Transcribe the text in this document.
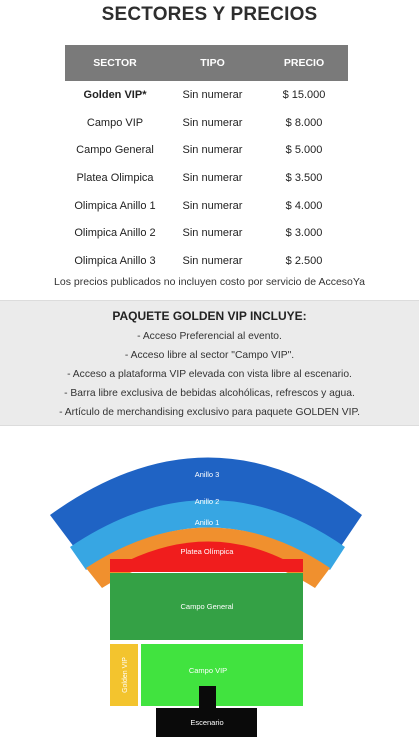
SECTORES Y PRECIOS
SECTOR	TIPO	PRECIO
Golden VIP*	Sin numerar	$ 15.000
Campo VIP	Sin numerar	$ 8.000
Campo General	Sin numerar	$ 5.000
Platea Olimpica	Sin numerar	$ 3.500
Olimpica Anillo 1	Sin numerar	$ 4.000
Olimpica Anillo 2	Sin numerar	$ 3.000
Olimpica Anillo 3	Sin numerar	$ 2.500
Los precios publicados no incluyen costo por servicio de AccesoYa
PAQUETE GOLDEN VIP INCLUYE:
- Acceso Preferencial al evento.
- Acceso libre al sector "Campo VIP".
- Acceso a plataforma VIP elevada con vista libre al escenario.
- Barra libre exclusiva de bebidas alcohólicas, refrescos y agua.
- Artículo de merchandising exclusivo para paquete GOLDEN VIP.
Anillo 3
Anillo 2
Anillo 1
Platea Olímpica
Campo General
Golden VIP	Campo VIP
Escenario
